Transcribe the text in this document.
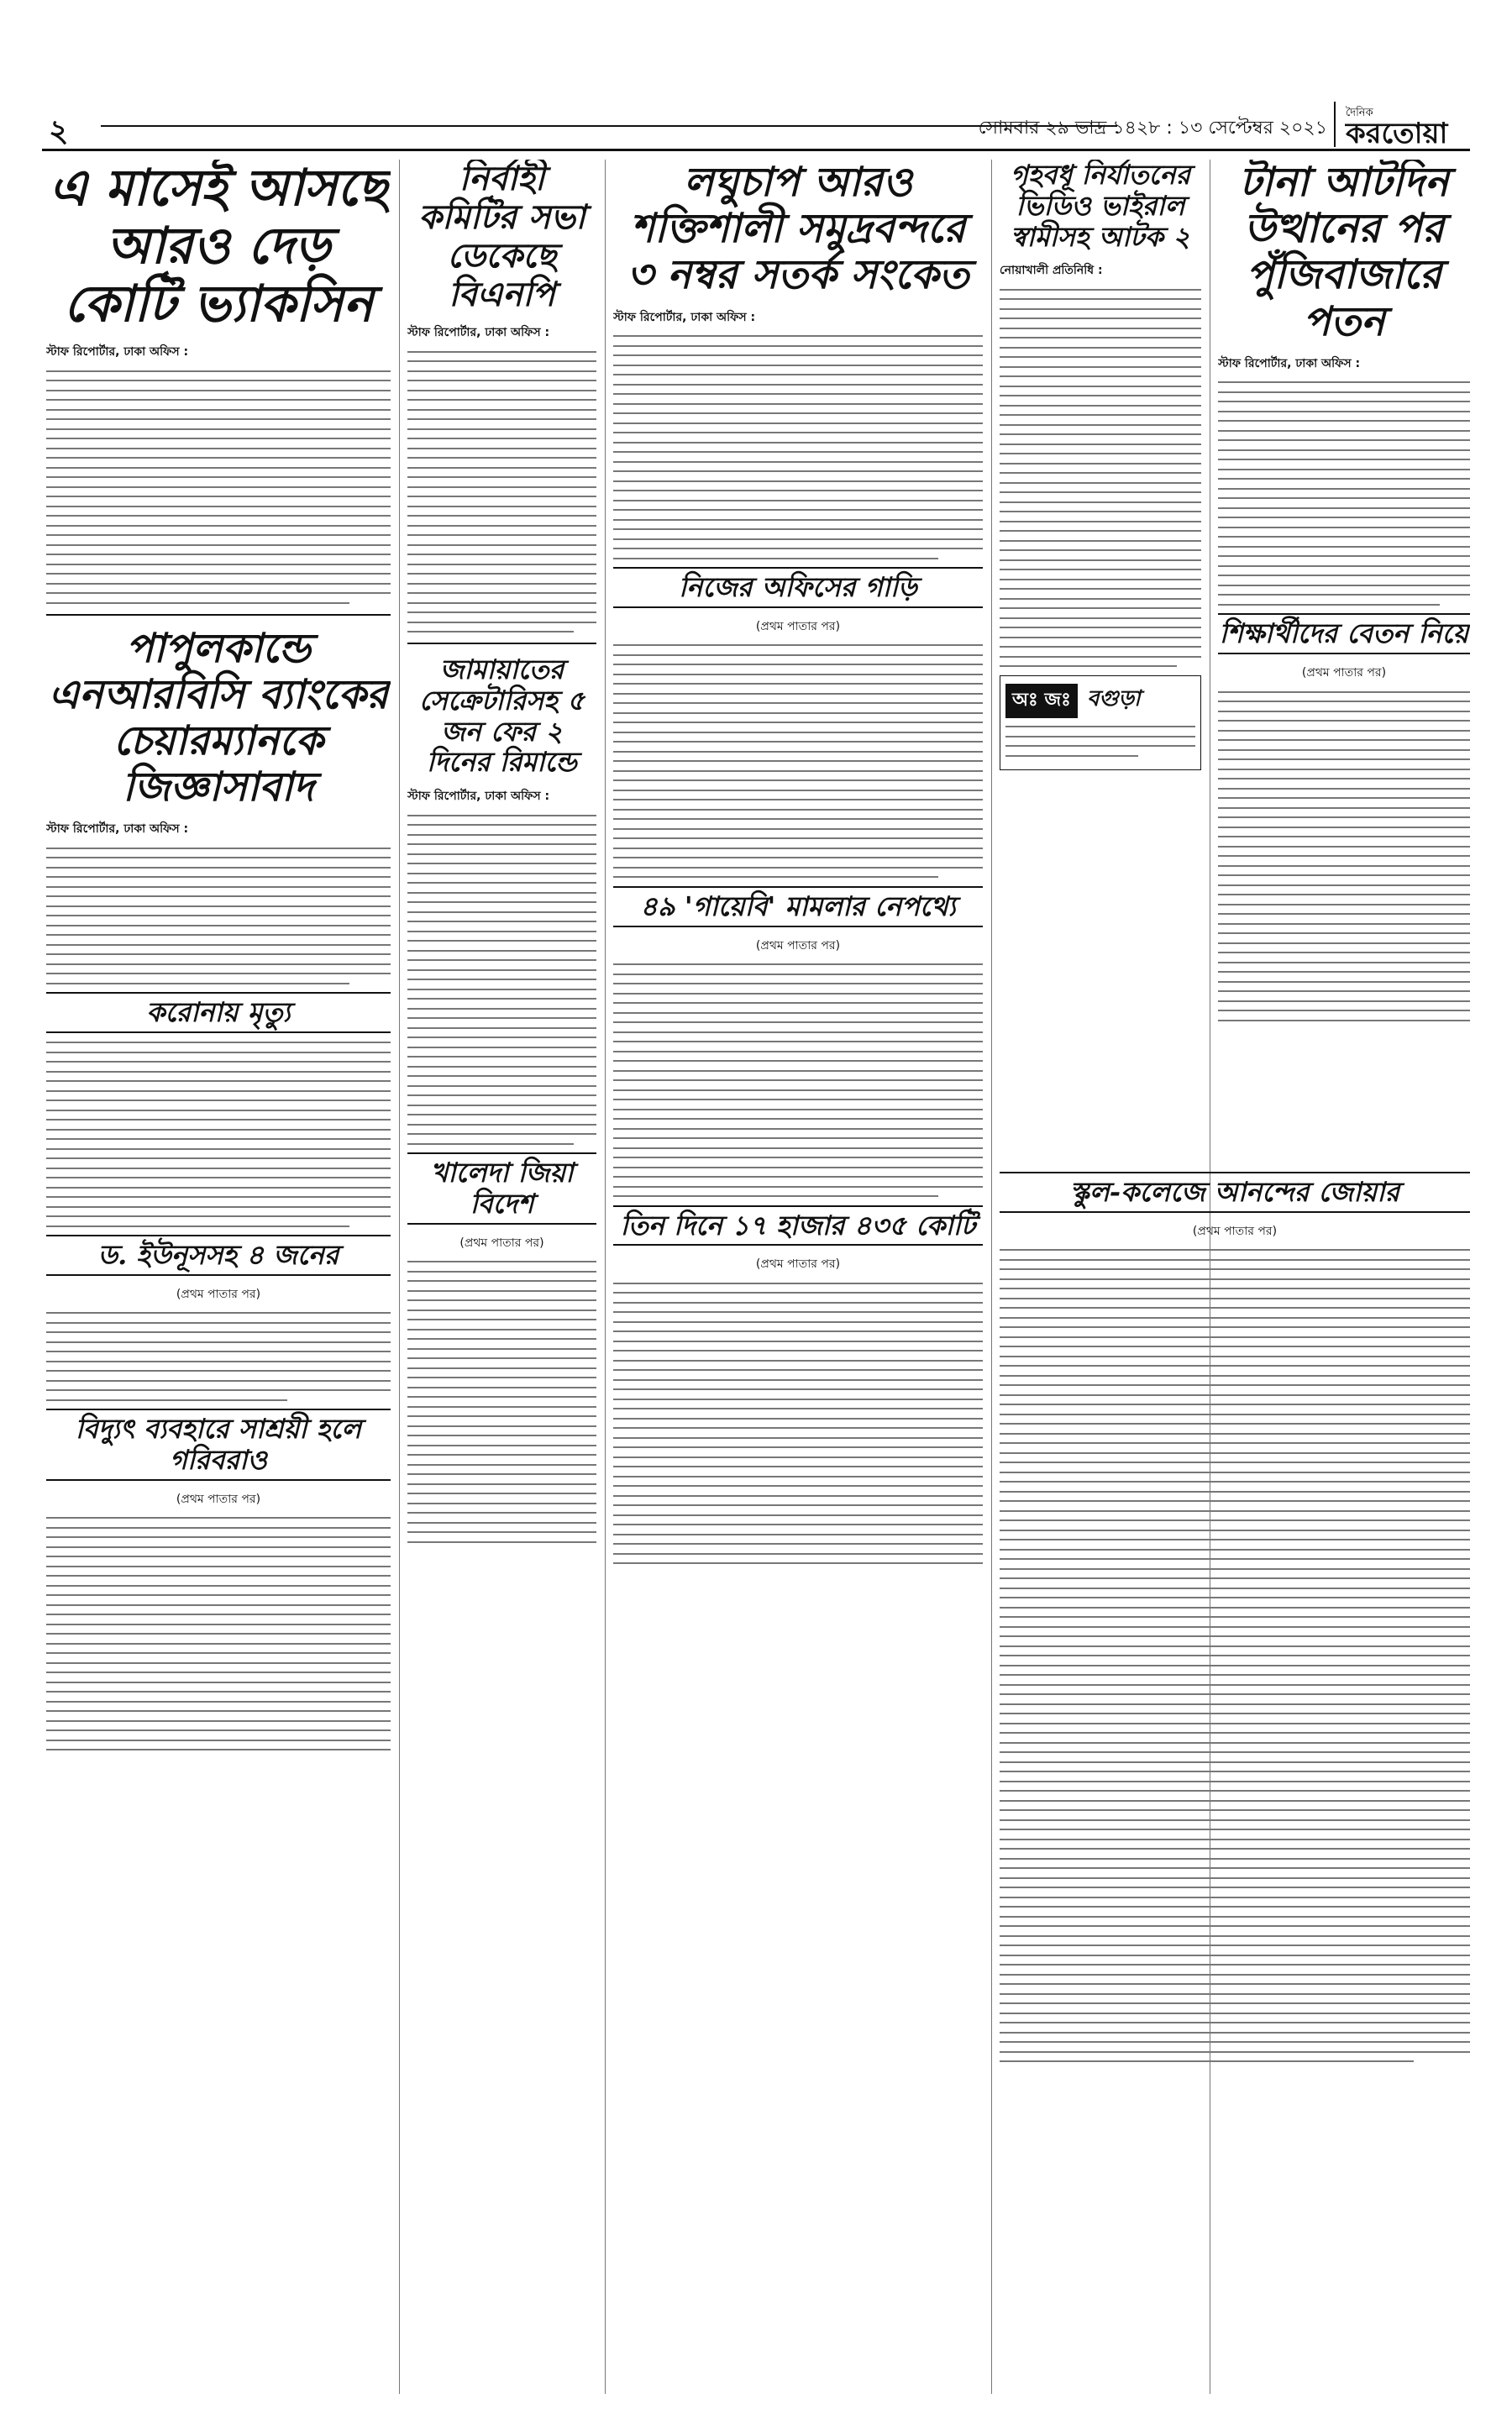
২	সোমবার ২৯ ভাদ্র ১৪২৮ : ১৩ সেপ্টেম্বর ২০২১
দৈনিক
করতোয়া
এ মাসেই আসছে আরও দেড় কোটি ভ্যাকসিন
স্টাফ রিপোর্টার, ঢাকা অফিস :
পাপুলকান্ডে এনআরবিসি ব্যাংকের চেয়ারম্যানকে জিজ্ঞাসাবাদ
স্টাফ রিপোর্টার, ঢাকা অফিস :
করোনায় মৃত্যু
ড. ইউনূসসহ ৪ জনের
(প্রথম পাতার পর)
বিদ্যুৎ ব্যবহারে সাশ্রয়ী হলে গরিবরাও
(প্রথম পাতার পর)
নির্বাহী কমিটির সভা ডেকেছে বিএনপি
স্টাফ রিপোর্টার, ঢাকা অফিস :
জামায়াতের সেক্রেটারিসহ ৫ জন ফের ২ দিনের রিমান্ডে
স্টাফ রিপোর্টার, ঢাকা অফিস :
খালেদা জিয়া বিদেশ
(প্রথম পাতার পর)
লঘুচাপ আরও শক্তিশালী সমুদ্রবন্দরে ৩ নম্বর সতর্ক সংকেত
স্টাফ রিপোর্টার, ঢাকা অফিস :
নিজের অফিসের গাড়ি
(প্রথম পাতার পর)
৪৯ 'গায়েবি' মামলার নেপথ্যে
(প্রথম পাতার পর)
তিন দিনে ১৭ হাজার ৪৩৫ কোটি
(প্রথম পাতার পর)
গৃহবধূ নির্যাতনের ভিডিও ভাইরাল স্বামীসহ আটক ২
নোয়াখালী প্রতিনিধি :
অঃ জঃ বগুড়া
টানা আটদিন উত্থানের পর পুঁজিবাজারে পতন
স্টাফ রিপোর্টার, ঢাকা অফিস :
শিক্ষার্থীদের বেতন নিয়ে
(প্রথম পাতার পর)
স্কুল-কলেজে আনন্দের জোয়ার
(প্রথম পাতার পর)
